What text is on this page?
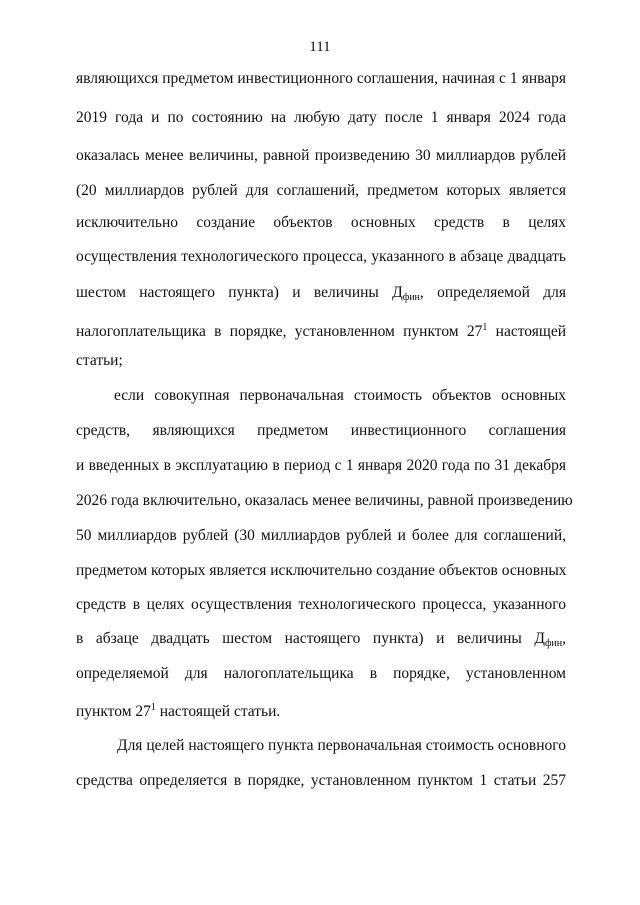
111
являющихся предметом инвестиционного соглашения, начиная с 1 января
2019 года и по состоянию на любую дату после 1 января 2024 года
оказалась менее величины, равной произведению 30 миллиардов рублей
(20 миллиардов рублей для соглашений, предметом которых является
исключительно создание объектов основных средств в целях
осуществления технологического процесса, указанного в абзаце двадцать
шестом настоящего пункта) и величины $Д_{фин}$, определяемой для
налогоплательщика в порядке, установленном пунктом $27^1$ настоящей
статьи;
если совокупная первоначальная стоимость объектов основных
средств, являющихся предметом инвестиционного соглашения
и введенных в эксплуатацию в период с 1 января 2020 года по 31 декабря
2026 года включительно, оказалась менее величины, равной произведению
50 миллиардов рублей (30 миллиардов рублей и более для соглашений,
предметом которых является исключительно создание объектов основных
средств в целях осуществления технологического процесса, указанного
в абзаце двадцать шестом настоящего пункта) и величины $Д_{фин}$,
определяемой для налогоплательщика в порядке, установленном
пунктом $27^1$ настоящей статьи.
Для целей настоящего пункта первоначальная стоимость основного
средства определяется в порядке, установленном пунктом 1 статьи 257
